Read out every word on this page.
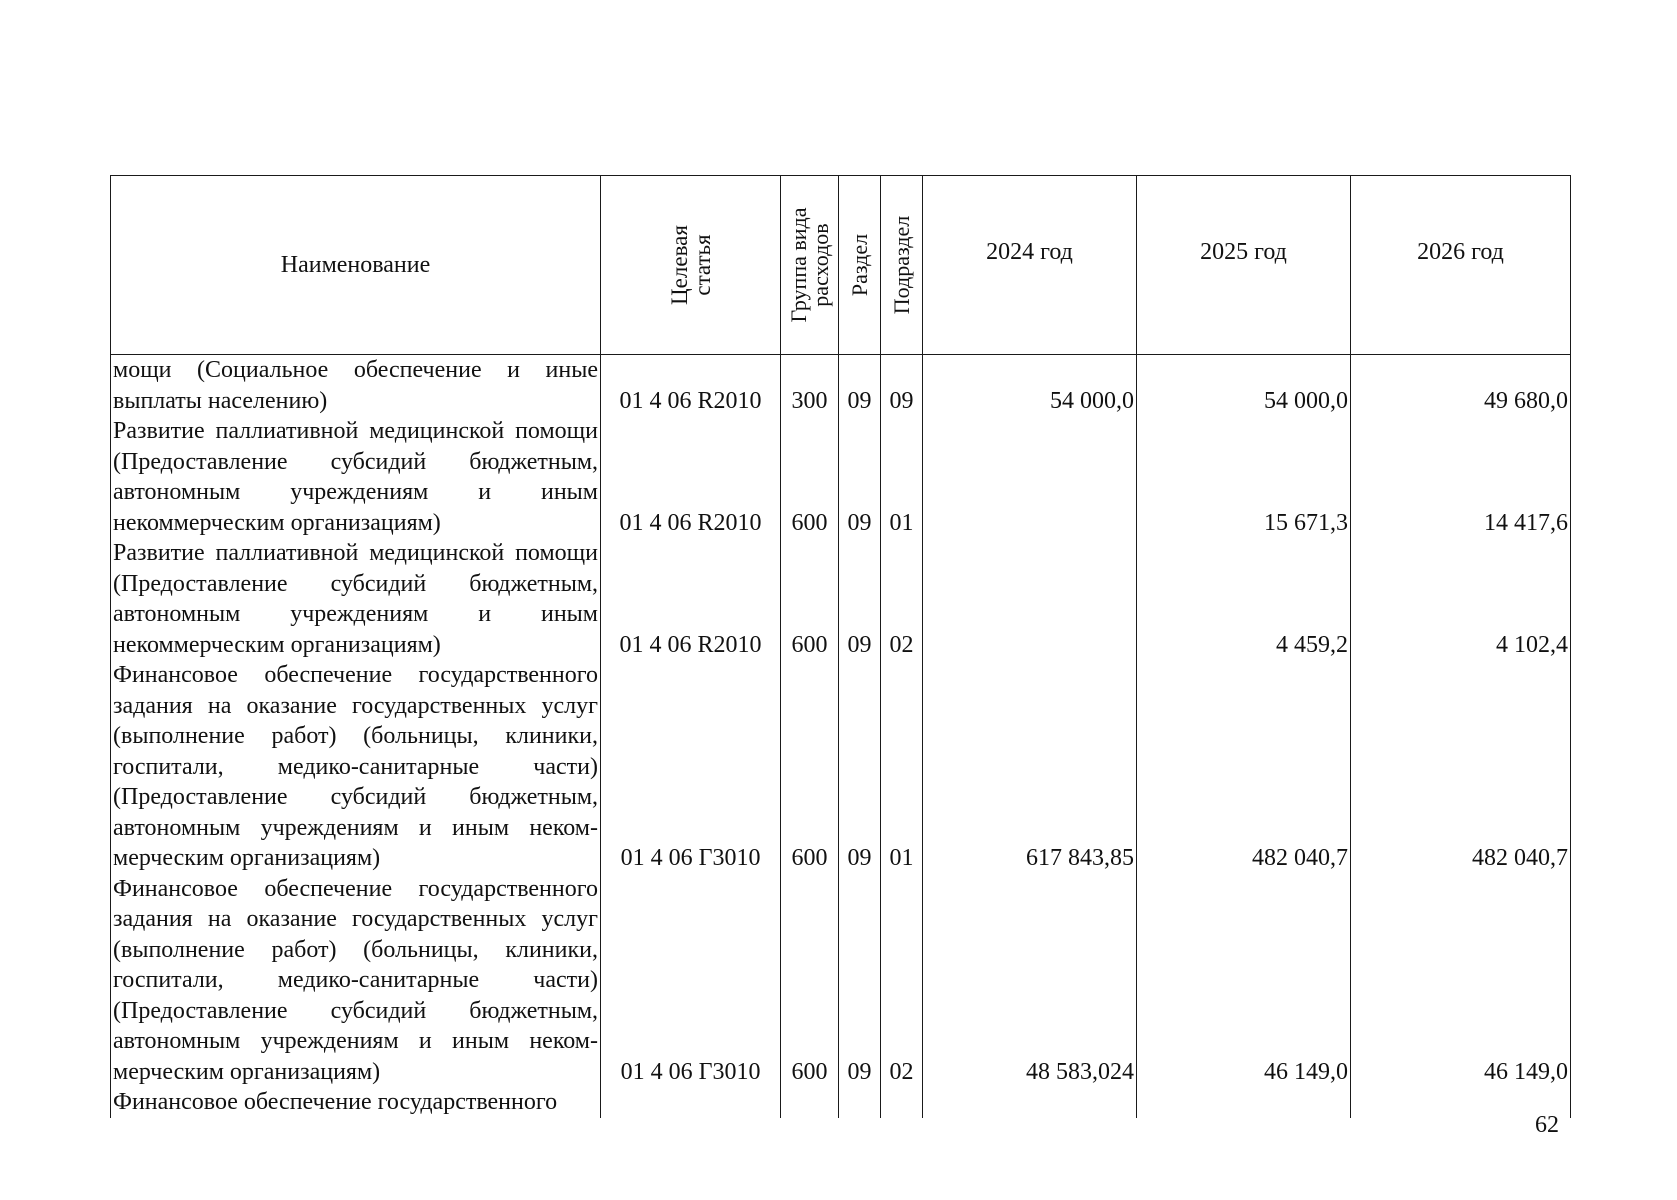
Наименование	Целевая статья	Группа вида расходов	Раздел	Подраздел	2024 год	2025 год	2026 год
мощи (Социальное обеспечение и иные выплаты населению)	01 4 06 R2010	300	09	09	54 000,0	54 000,0	49 680,0
Развитие паллиативной медицинской помощи (Предоставление субсидий бюджетным, автономным учреждениям и иным некоммерческим организациям)	01 4 06 R2010	600	09	01		15 671,3	14 417,6
Развитие паллиативной медицинской помощи (Предоставление субсидий бюджетным, автономным учреждениям и иным некоммерческим организациям)	01 4 06 R2010	600	09	02		4 459,2	4 102,4
Финансовое обеспечение государственного задания на оказание государственных услуг (выполнение работ) (больницы, клиники, госпитали, медико-санитарные части) (Предоставление субсидий бюджетным, автономным учреждениям и иным некоммерческим организациям)	01 4 06 Г3010	600	09	01	617 843,85	482 040,7	482 040,7
Финансовое обеспечение государственного задания на оказание государственных услуг (выполнение работ) (больницы, клиники, госпитали, медико-санитарные части) (Предоставление субсидий бюджетным, автономным учреждениям и иным некоммерческим организациям)	01 4 06 Г3010	600	09	02	48 583,024	46 149,0	46 149,0
Финансовое обеспечение государственного							
62
